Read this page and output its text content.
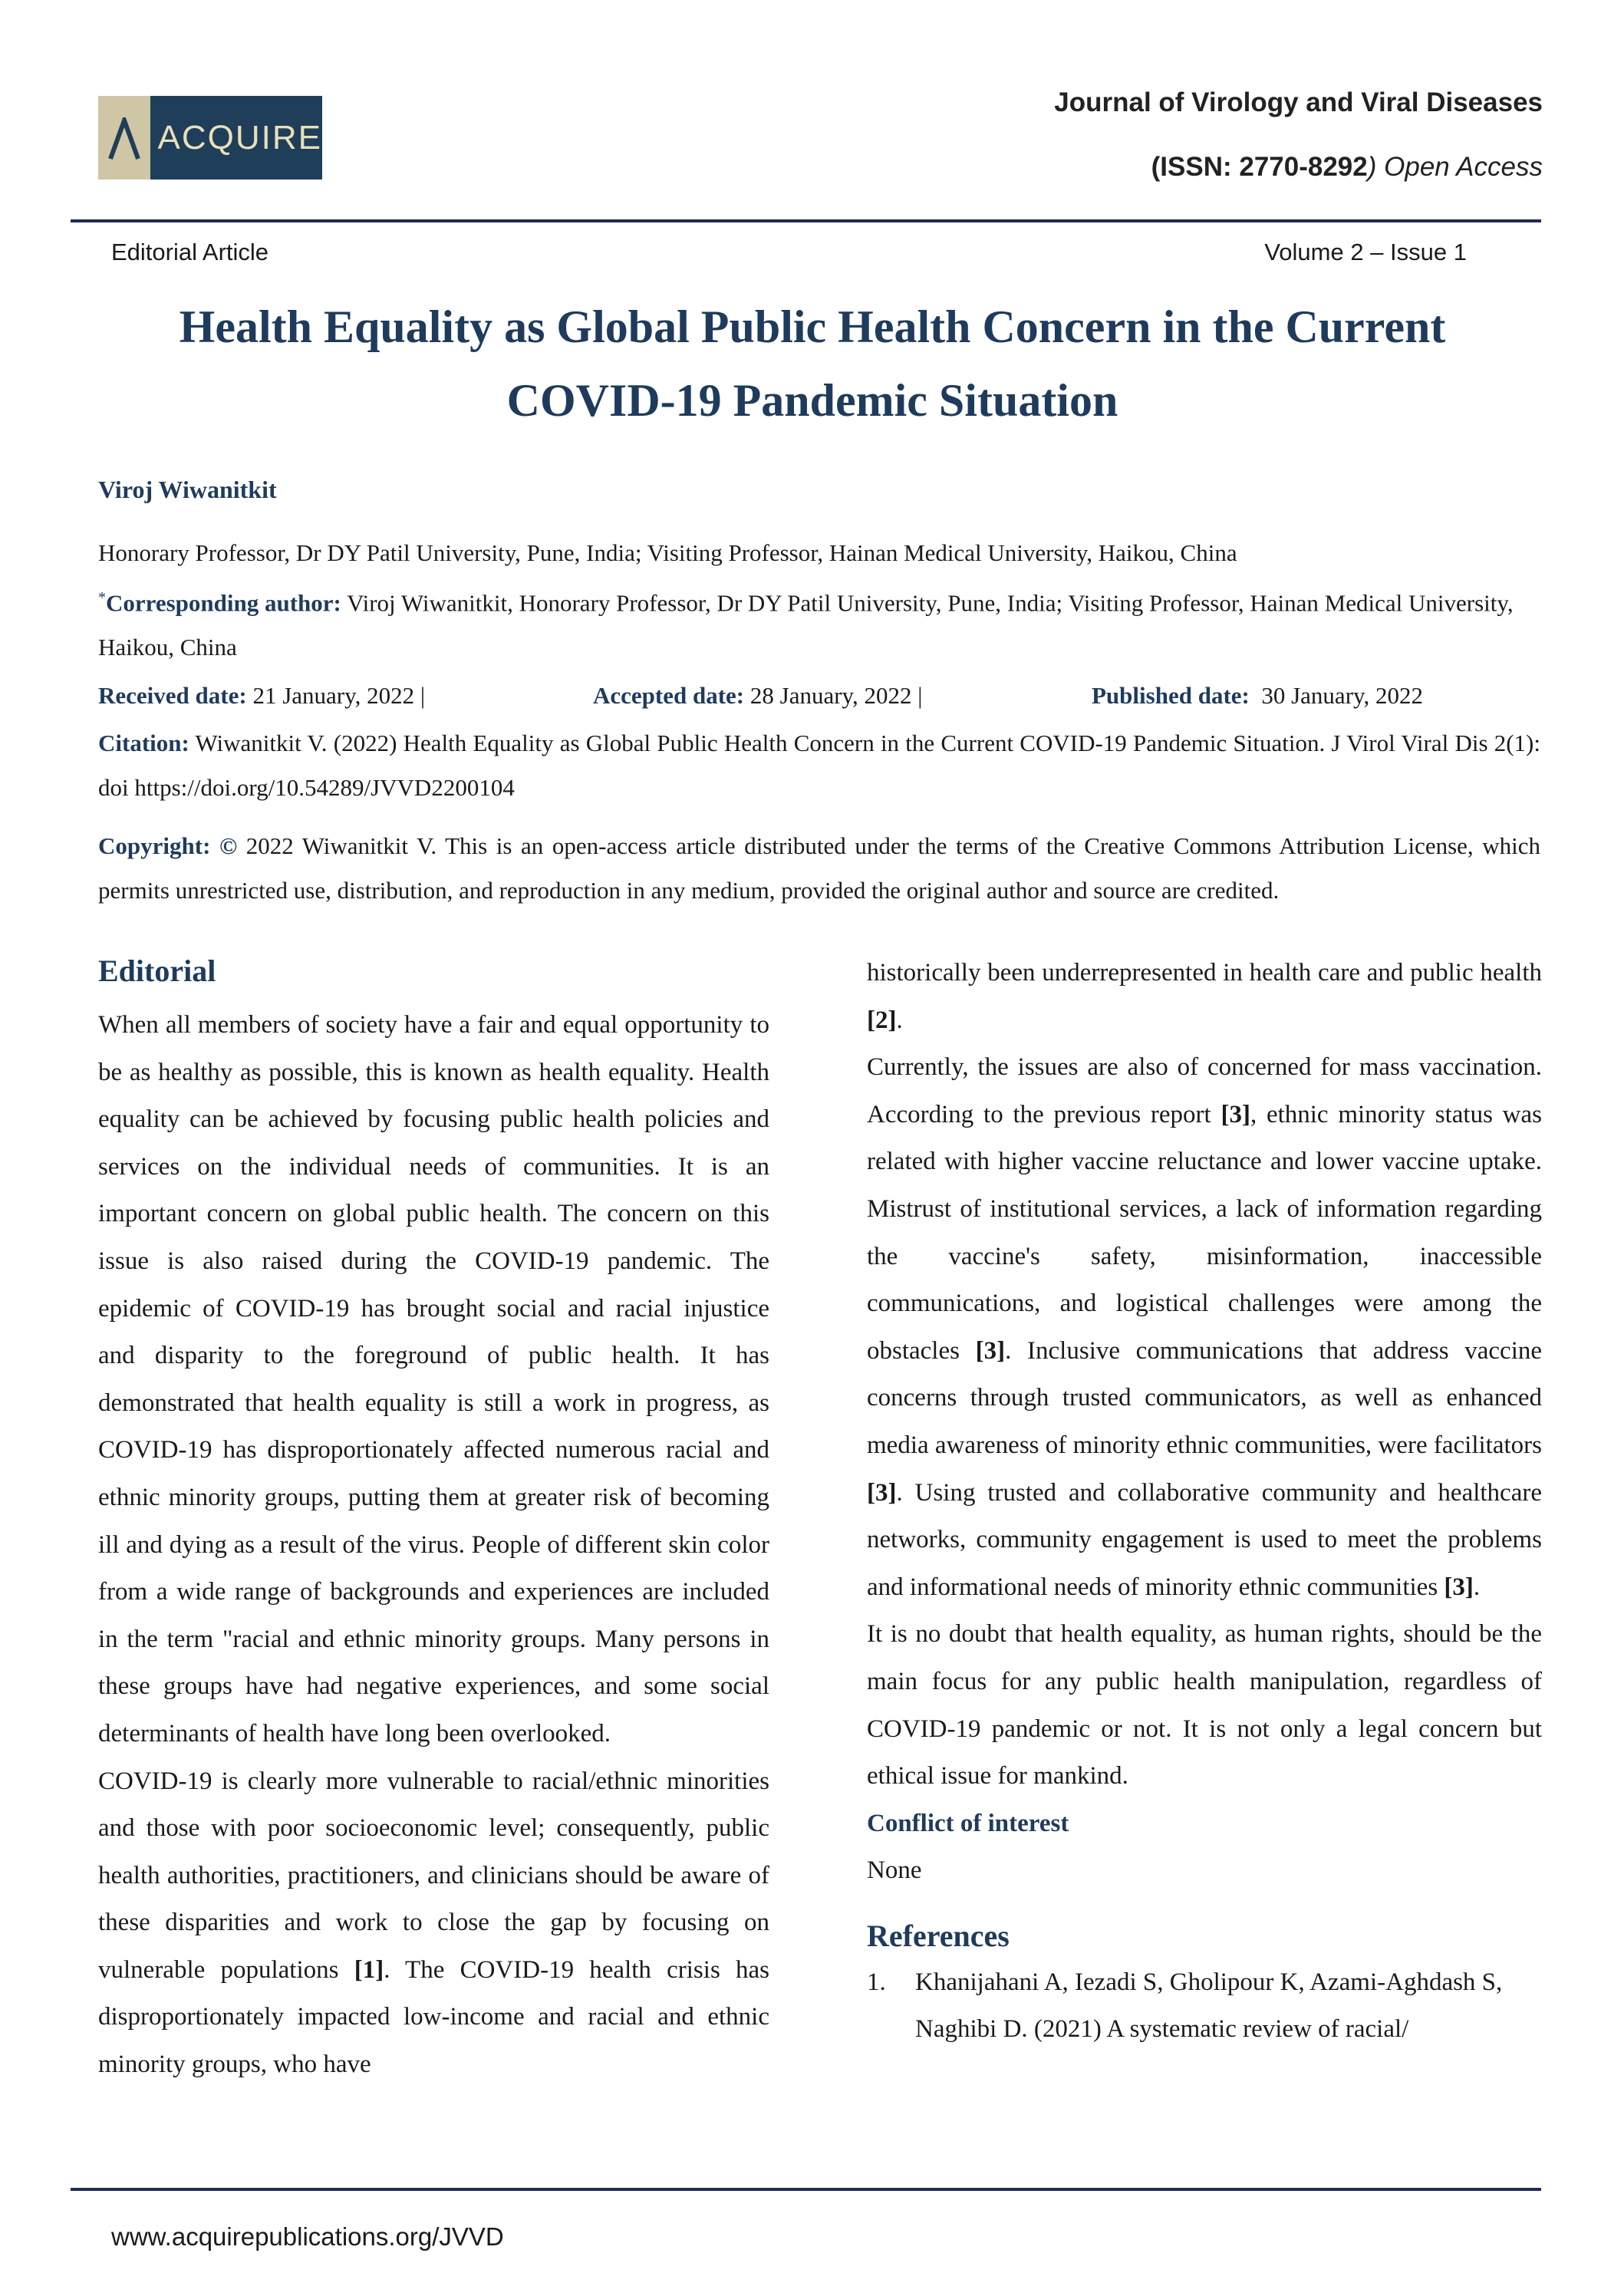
ACQUIRE
Journal of Virology and Viral Diseases
(ISSN: 2770-8292) Open Access
Editorial Article	Volume 2 – Issue 1
Health Equality as Global Public Health Concern in the Current
COVID-19 Pandemic Situation
Viroj Wiwanitkit
Honorary Professor, Dr DY Patil University, Pune, India; Visiting Professor, Hainan Medical University, Haikou, China
*Corresponding author: Viroj Wiwanitkit, Honorary Professor, Dr DY Patil University, Pune, India; Visiting Professor, Hainan Medical University, Haikou, China
Received date: 21 January, 2022 |	Accepted date: 28 January, 2022 |	Published date:  30 January, 2022
Citation: Wiwanitkit V. (2022) Health Equality as Global Public Health Concern in the Current COVID-19 Pandemic Situation. J Virol Viral Dis 2(1): doi https://doi.org/10.54289/JVVD2200104
Copyright: © 2022 Wiwanitkit V. This is an open-access article distributed under the terms of the Creative Commons Attribution License, which permits unrestricted use, distribution, and reproduction in any medium, provided the original author and source are credited.
Editorial

When all members of society have a fair and equal opportunity to be as healthy as possible, this is known as health equality. Health equality can be achieved by focusing public health policies and services on the individual needs of communities. It is an important concern on global public health. The concern on this issue is also raised during the COVID-19 pandemic. The epidemic of COVID-19 has brought social and racial injustice and disparity to the foreground of public health. It has demonstrated that health equality is still a work in progress, as COVID-19 has disproportionately affected numerous racial and ethnic minority groups, putting them at greater risk of becoming ill and dying as a result of the virus. People of different skin color from a wide range of backgrounds and experiences are included in the term "racial and ethnic minority groups. Many persons in these groups have had negative experiences, and some social determinants of health have long been overlooked.

COVID-19 is clearly more vulnerable to racial/ethnic minorities and those with poor socioeconomic level; consequently, public health authorities, practitioners, and clinicians should be aware of these disparities and work to close the gap by focusing on vulnerable populations [1]. The COVID-19 health crisis has disproportionately impacted low-income and racial and ethnic minority groups, who have

historically been underrepresented in health care and public health [2].

Currently, the issues are also of concerned for mass vaccination. According to the previous report [3], ethnic minority status was related with higher vaccine reluctance and lower vaccine uptake. Mistrust of institutional services, a lack of information regarding the vaccine's safety, misinformation, inaccessible communications, and logistical challenges were among the obstacles [3]. Inclusive communications that address vaccine concerns through trusted communicators, as well as enhanced media awareness of minority ethnic communities, were facilitators [3]. Using trusted and collaborative community and healthcare networks, community engagement is used to meet the problems and informational needs of minority ethnic communities [3].

It is no doubt that health equality, as human rights, should be the main focus for any public health manipulation, regardless of COVID-19 pandemic or not. It is not only a legal concern but ethical issue for mankind.

Conflict of interest

None

References
1.	Khanijahani A, Iezadi S, Gholipour K, Azami-Aghdash S, Naghibi D. (2021) A systematic review of racial/
www.acquirepublications.org/JVVD
